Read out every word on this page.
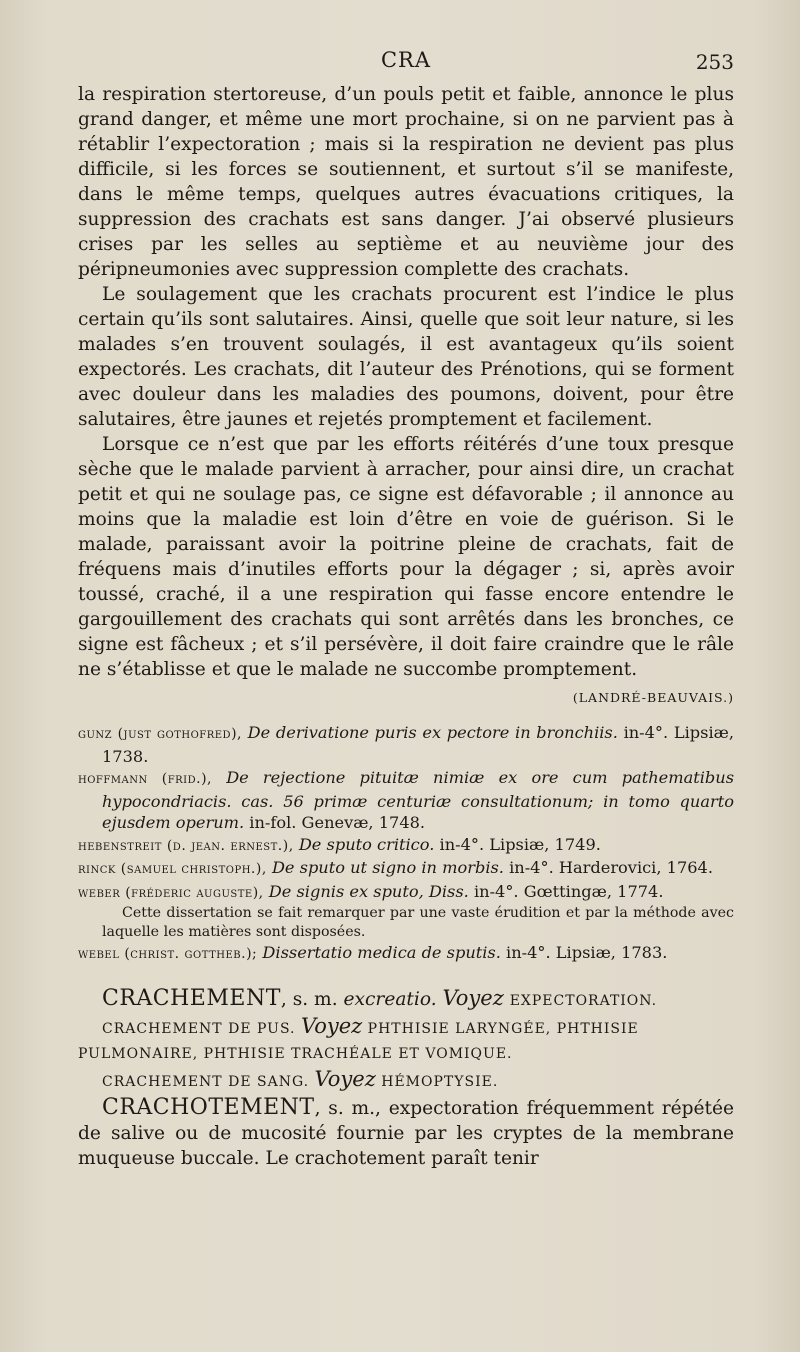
CRA	253

la respiration stertoreuse, d’un pouls petit et faible, annonce le plus grand danger, et même une mort prochaine, si on ne parvient pas à rétablir l’expectoration ; mais si la respiration ne devient pas plus difficile, si les forces se soutiennent, et surtout s’il se manifeste, dans le même temps, quelques autres évacuations critiques, la suppression des crachats est sans danger. J’ai observé plusieurs crises par les selles au septième et au neuvième jour des péripneumonies avec suppression complette des crachats.

Le soulagement que les crachats procurent est l’indice le plus certain qu’ils sont salutaires. Ainsi, quelle que soit leur nature, si les malades s’en trouvent soulagés, il est avantageux qu’ils soient expectorés. Les crachats, dit l’auteur des Prénotions, qui se forment avec douleur dans les maladies des poumons, doivent, pour être salutaires, être jaunes et rejetés promptement et facilement.

Lorsque ce n’est que par les efforts réitérés d’une toux presque sèche que le malade parvient à arracher, pour ainsi dire, un crachat petit et qui ne soulage pas, ce signe est défavorable ; il annonce au moins que la maladie est loin d’être en voie de guérison. Si le malade, paraissant avoir la poitrine pleine de crachats, fait de fréquens mais d’inutiles efforts pour la dégager ; si, après avoir toussé, craché, il a une respiration qui fasse encore entendre le gargouillement des crachats qui sont arrêtés dans les bronches, ce signe est fâcheux ; et s’il persévère, il doit faire craindre que le râle ne s’établisse et que le malade ne succombe promptement.
(LANDRÉ-BEAUVAIS.)

gunz (just gothofred), De derivatione puris ex pectore in bronchiis. in-4°. Lipsiæ, 1738.

hoffmann (frid.), De rejectione pituitæ nimiæ ex ore cum pathematibus hypocondriacis. cas. 56 primæ centuriæ consultationum; in tomo quarto ejusdem operum. in-fol. Genevæ, 1748.

hebenstreit (d. jean. ernest.), De sputo critico. in-4°. Lipsiæ, 1749.

rinck (samuel christoph.), De sputo ut signo in morbis. in-4°. Harderovici, 1764.

weber (fréderic auguste), De signis ex sputo, Diss. in-4°. Gœttingæ, 1774.

Cette dissertation se fait remarquer par une vaste érudition et par la méthode avec laquelle les matières sont disposées.

webel (christ. gottheb.); Dissertatio medica de sputis. in-4°. Lipsiæ, 1783.

CRACHEMENT, s. m. excreatio. Voyez EXPECTORATION.

CRACHEMENT DE PUS. Voyez PHTHISIE LARYNGÉE, PHTHISIE PULMONAIRE, PHTHISIE TRACHÉALE ET VOMIQUE.

CRACHEMENT DE SANG. Voyez HÉMOPTYSIE.

CRACHOTEMENT, s. m., expectoration fréquemment répétée de salive ou de mucosité fournie par les cryptes de la membrane muqueuse buccale. Le crachotement paraît tenir
